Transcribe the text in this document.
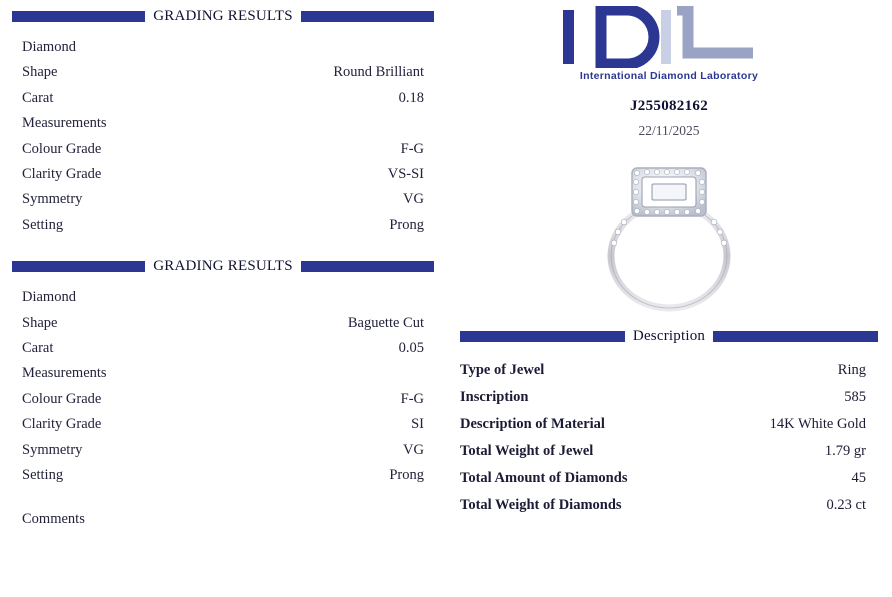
GRADING RESULTS
Diamond
Shape	Round Brilliant
Carat	0.18
Measurements
Colour Grade	F-G
Clarity Grade	VS-SI
Symmetry	VG
Setting	Prong
GRADING RESULTS
Diamond
Shape	Baguette Cut
Carat	0.05
Measurements
Colour Grade	F-G
Clarity Grade	SI
Symmetry	VG
Setting	Prong
Comments
International Diamond Laboratory
J255082162
22/11/2025
Description
Type of Jewel	Ring
Inscription	585
Description of Material	14K White Gold
Total Weight of Jewel	1.79 gr
Total Amount of Diamonds	45
Total Weight of Diamonds	0.23 ct
